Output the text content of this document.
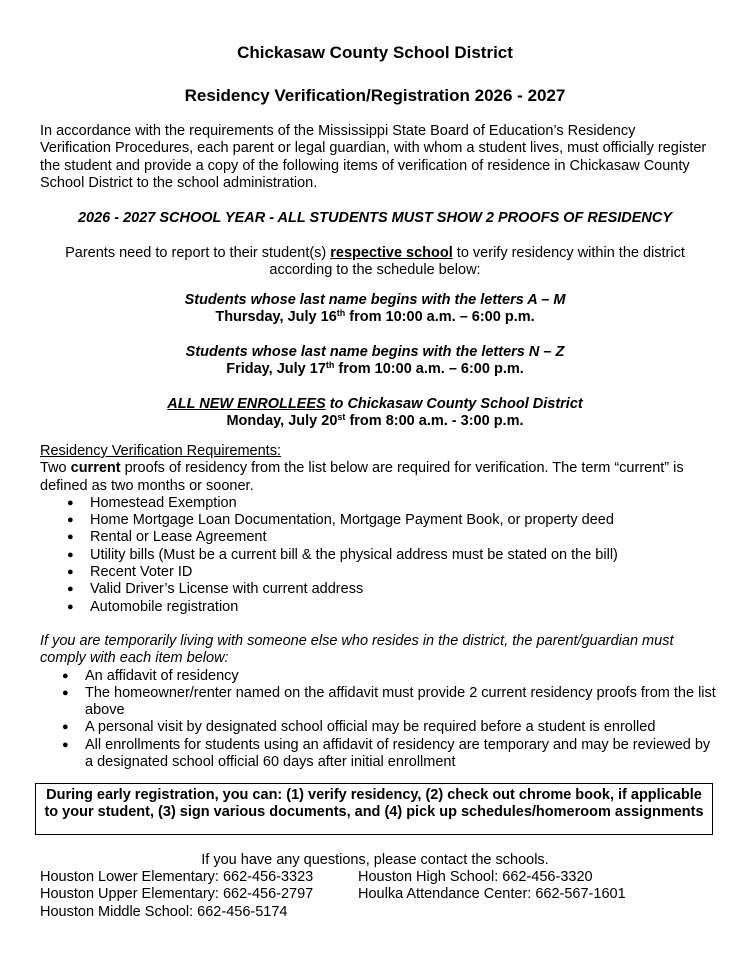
Chickasaw County School District
Residency Verification/Registration 2026 - 2027
In accordance with the requirements of the Mississippi State Board of Education’s Residency Verification Procedures, each parent or legal guardian, with whom a student lives, must officially register the student and provide a copy of the following items of verification of residence in Chickasaw County School District to the school administration.
2026 - 2027 SCHOOL YEAR - ALL STUDENTS MUST SHOW 2 PROOFS OF RESIDENCY
Parents need to report to their student(s) respective school to verify residency within the district according to the schedule below:
Students whose last name begins with the letters A – M
Thursday, July 16th from 10:00 a.m. – 6:00 p.m.
Students whose last name begins with the letters N – Z
Friday, July 17th from 10:00 a.m. – 6:00 p.m.
ALL NEW ENROLLEES to Chickasaw County School District
Monday, July 20st from 8:00 a.m. - 3:00 p.m.
Residency Verification Requirements:
Two current proofs of residency from the list below are required for verification. The term “current” is defined as two months or sooner.
● Homestead Exemption
● Home Mortgage Loan Documentation, Mortgage Payment Book, or property deed
● Rental or Lease Agreement
● Utility bills (Must be a current bill & the physical address must be stated on the bill)
● Recent Voter ID
● Valid Driver’s License with current address
● Automobile registration
If you are temporarily living with someone else who resides in the district, the parent/guardian must comply with each item below:
● An affidavit of residency
● The homeowner/renter named on the affidavit must provide 2 current residency proofs from the list above
● A personal visit by designated school official may be required before a student is enrolled
● All enrollments for students using an affidavit of residency are temporary and may be reviewed by a designated school official 60 days after initial enrollment
During early registration, you can: (1) verify residency, (2) check out chrome book, if applicable to your student, (3) sign various documents, and (4) pick up schedules/homeroom assignments
If you have any questions, please contact the schools.
Houston Lower Elementary: 662-456-3323
Houston Upper Elementary: 662-456-2797
Houston Middle School: 662-456-5174
Houston High School: 662-456-3320
Houlka Attendance Center: 662-567-1601
